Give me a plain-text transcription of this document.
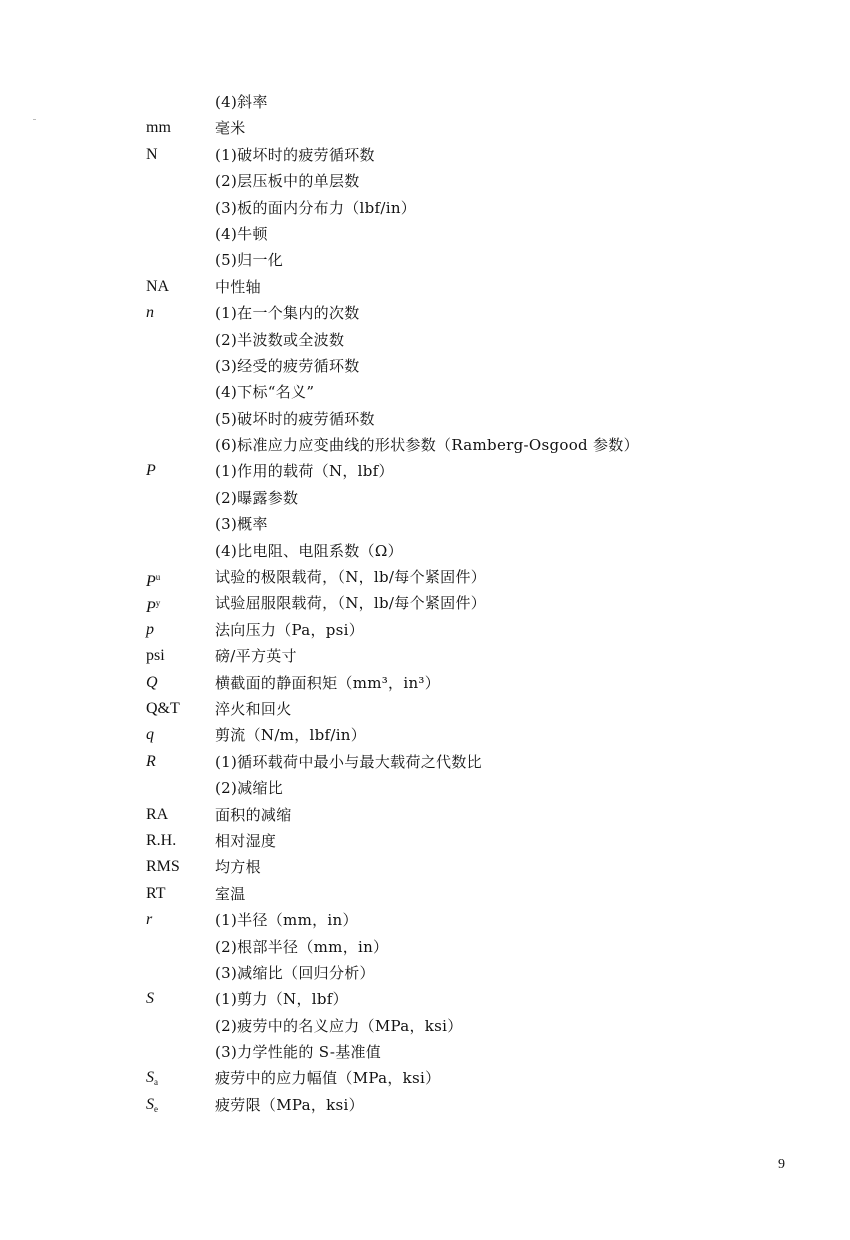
(4)斜率
mm	毫米
N	(1)破坏时的疲劳循环数
(2)层压板中的单层数
(3)板的面内分布力（lbf/in）
(4)牛顿
(5)归一化
NA	中性轴
n	(1)在一个集内的次数
(2)半波数或全波数
(3)经受的疲劳循环数
(4)下标“名义”
(5)破坏时的疲劳循环数
(6)标准应力应变曲线的形状参数（Ramberg-Osgood 参数）
P	(1)作用的载荷（N，lbf）
(2)曝露参数
(3)概率
(4)比电阻、电阻系数（Ω）
$P^u$	试验的极限载荷，（N，lb/每个紧固件）
$P^y$	试验屈服限载荷，（N，lb/每个紧固件）
p	法向压力（Pa，psi）
psi	磅/平方英寸
Q	横截面的静面积矩（mm³，in³）
Q&T 淬火和回火
q	剪流（N/m，lbf/in）
R	(1)循环载荷中最小与最大载荷之代数比
(2)减缩比
RA	面积的减缩
R.H.	相对湿度
RMS 均方根
RT	室温
r	(1)半径（mm，in）
(2)根部半径（mm，in）
(3)减缩比（回归分析）
S	(1)剪力（N，lbf）
(2)疲劳中的名义应力（MPa，ksi）
(3)力学性能的 S-基准值
$S_a$	疲劳中的应力幅值（MPa，ksi）
$S_e$	疲劳限（MPa，ksi）
9
